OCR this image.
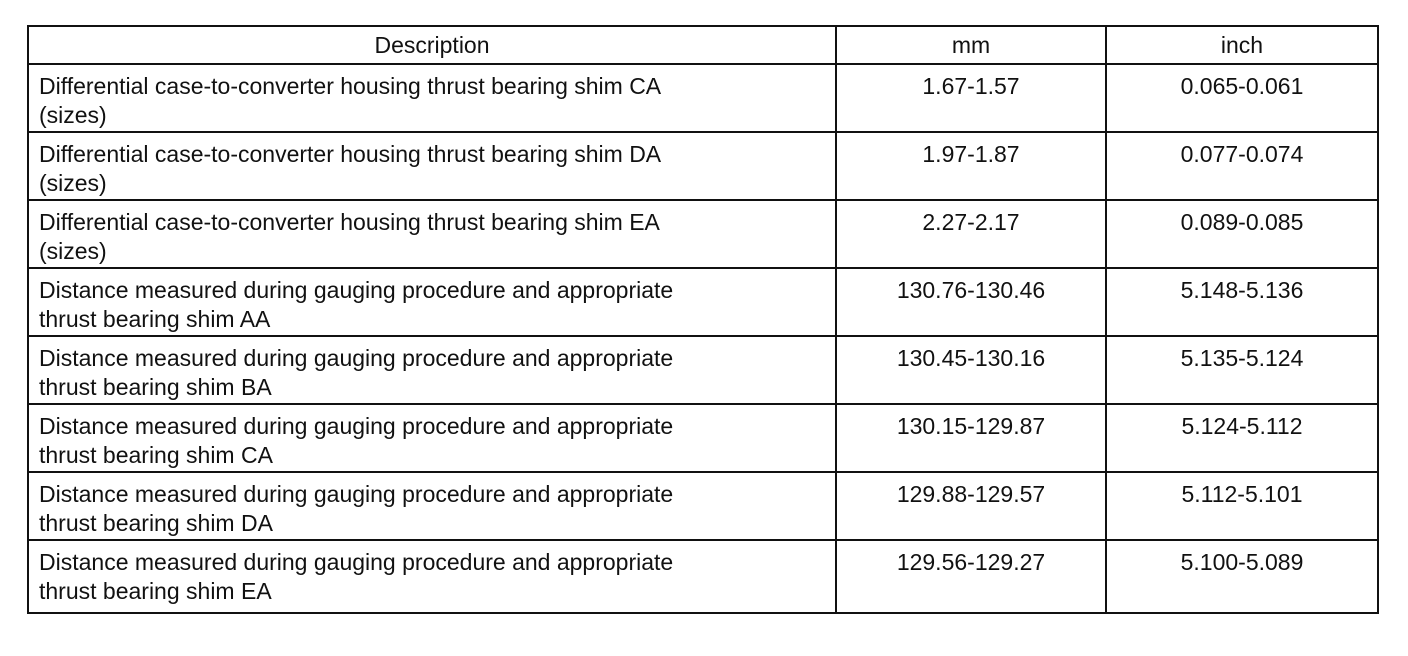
Description	mm	inch

Differential case-to-converter housing thrust bearing shim CA
(sizes)	1.67-1.57	0.065-0.061

Differential case-to-converter housing thrust bearing shim DA
(sizes)	1.97-1.87	0.077-0.074

Differential case-to-converter housing thrust bearing shim EA
(sizes)	2.27-2.17	0.089-0.085

Distance measured during gauging procedure and appropriate
thrust bearing shim AA	130.76-130.46	5.148-5.136

Distance measured during gauging procedure and appropriate
thrust bearing shim BA	130.45-130.16	5.135-5.124

Distance measured during gauging procedure and appropriate
thrust bearing shim CA	130.15-129.87	5.124-5.112

Distance measured during gauging procedure and appropriate
thrust bearing shim DA	129.88-129.57	5.112-5.101

Distance measured during gauging procedure and appropriate
thrust bearing shim EA	129.56-129.27	5.100-5.089
